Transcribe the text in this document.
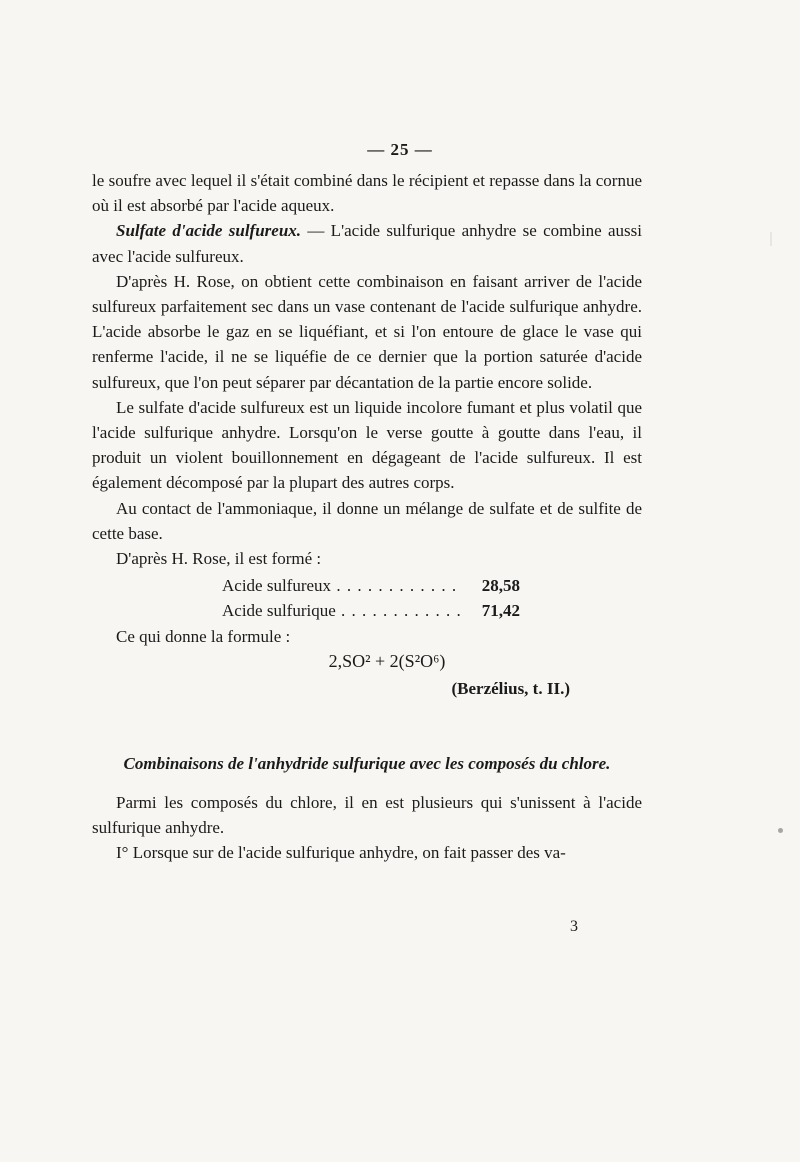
— 25 —

le soufre avec lequel il s'était combiné dans le récipient et repasse dans la cornue où il est absorbé par l'acide aqueux.

Sulfate d'acide sulfureux. — L'acide sulfurique anhydre se combine aussi avec l'acide sulfureux.

D'après H. Rose, on obtient cette combinaison en faisant arriver de l'acide sulfureux parfaitement sec dans un vase contenant de l'acide sulfurique anhydre. L'acide absorbe le gaz en se liquéfiant, et si l'on entoure de glace le vase qui renferme l'acide, il ne se liquéfie de ce dernier que la portion saturée d'acide sulfureux, que l'on peut séparer par décantation de la partie encore solide.

Le sulfate d'acide sulfureux est un liquide incolore fumant et plus volatil que l'acide sulfurique anhydre. Lorsqu'on le verse goutte à goutte dans l'eau, il produit un violent bouillonnement en dégageant de l'acide sulfureux. Il est également décomposé par la plupart des autres corps.

Au contact de l'ammoniaque, il donne un mélange de sulfate et de sulfite de cette base.

D'après H. Rose, il est formé :

Acide sulfureux . . .	28,58
Acide sulfurique . . .	71,42

Ce qui donne la formule :

2,SO² + 2(S²O⁶)
(Berzélius, t. II.)
Combinaisons de l'anhydride sulfurique avec les composés du chlore.

Parmi les composés du chlore, il en est plusieurs qui s'unissent à l'acide sulfurique anhydre.

I° Lorsque sur de l'acide sulfurique anhydre, on fait passer des va-

3
